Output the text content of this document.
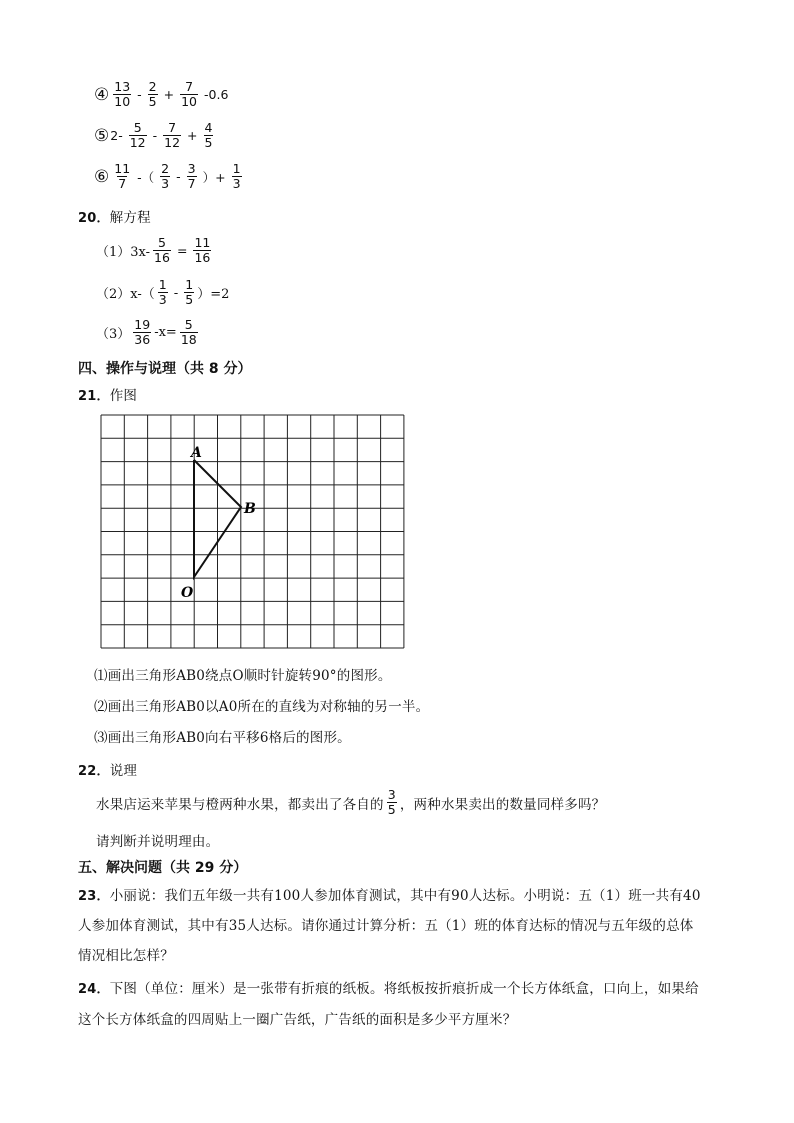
④ $\frac{13}{10} - \frac{2}{5} + \frac{7}{10} -0.6$
⑤ $2- \frac{5}{12} - \frac{7}{12} + \frac{4}{5}$
⑥ $\frac{11}{7}$ -（ $\frac{2}{3} - \frac{3}{7}$ ）+ $\frac{1}{3}$
20． 解方程
$(1)3x- \frac{5}{16} = \frac{11}{16}$
$(2)x-( \frac{1}{3} - \frac{1}{5} )=2$
$(3) \frac{19}{36} -x= \frac{5}{18}$
四、操作与说理（共 8 分）
21． 作图
A
B
O
⑴画出三角形AB0绕点O顺时针旋转90°的图形。
⑵画出三角形AB0以A0所在的直线为对称轴的另一半。
⑶画出三角形AB0向右平移6格后的图形。
22． 说理
水果店运来苹果与橙两种水果，都卖出了各自的 $\frac{3}{5}$ ，两种水果卖出的数量同样多吗？
请判断并说明理由。
五、解决问题（共 29 分）
23． 小丽说：我们五年级一共有100人参加体育测试，其中有90人达标。小明说：五（1）班一共有40
人参加体育测试，其中有35人达标。请你通过计算分析：五（1）班的体育达标的情况与五年级的总体
情况相比怎样？
24． 下图（单位：厘米）是一张带有折痕的纸板。将纸板按折痕折成一个长方体纸盒，口向上，如果给
这个长方体纸盒的四周贴上一圈广告纸，广告纸的面积是多少平方厘米？
